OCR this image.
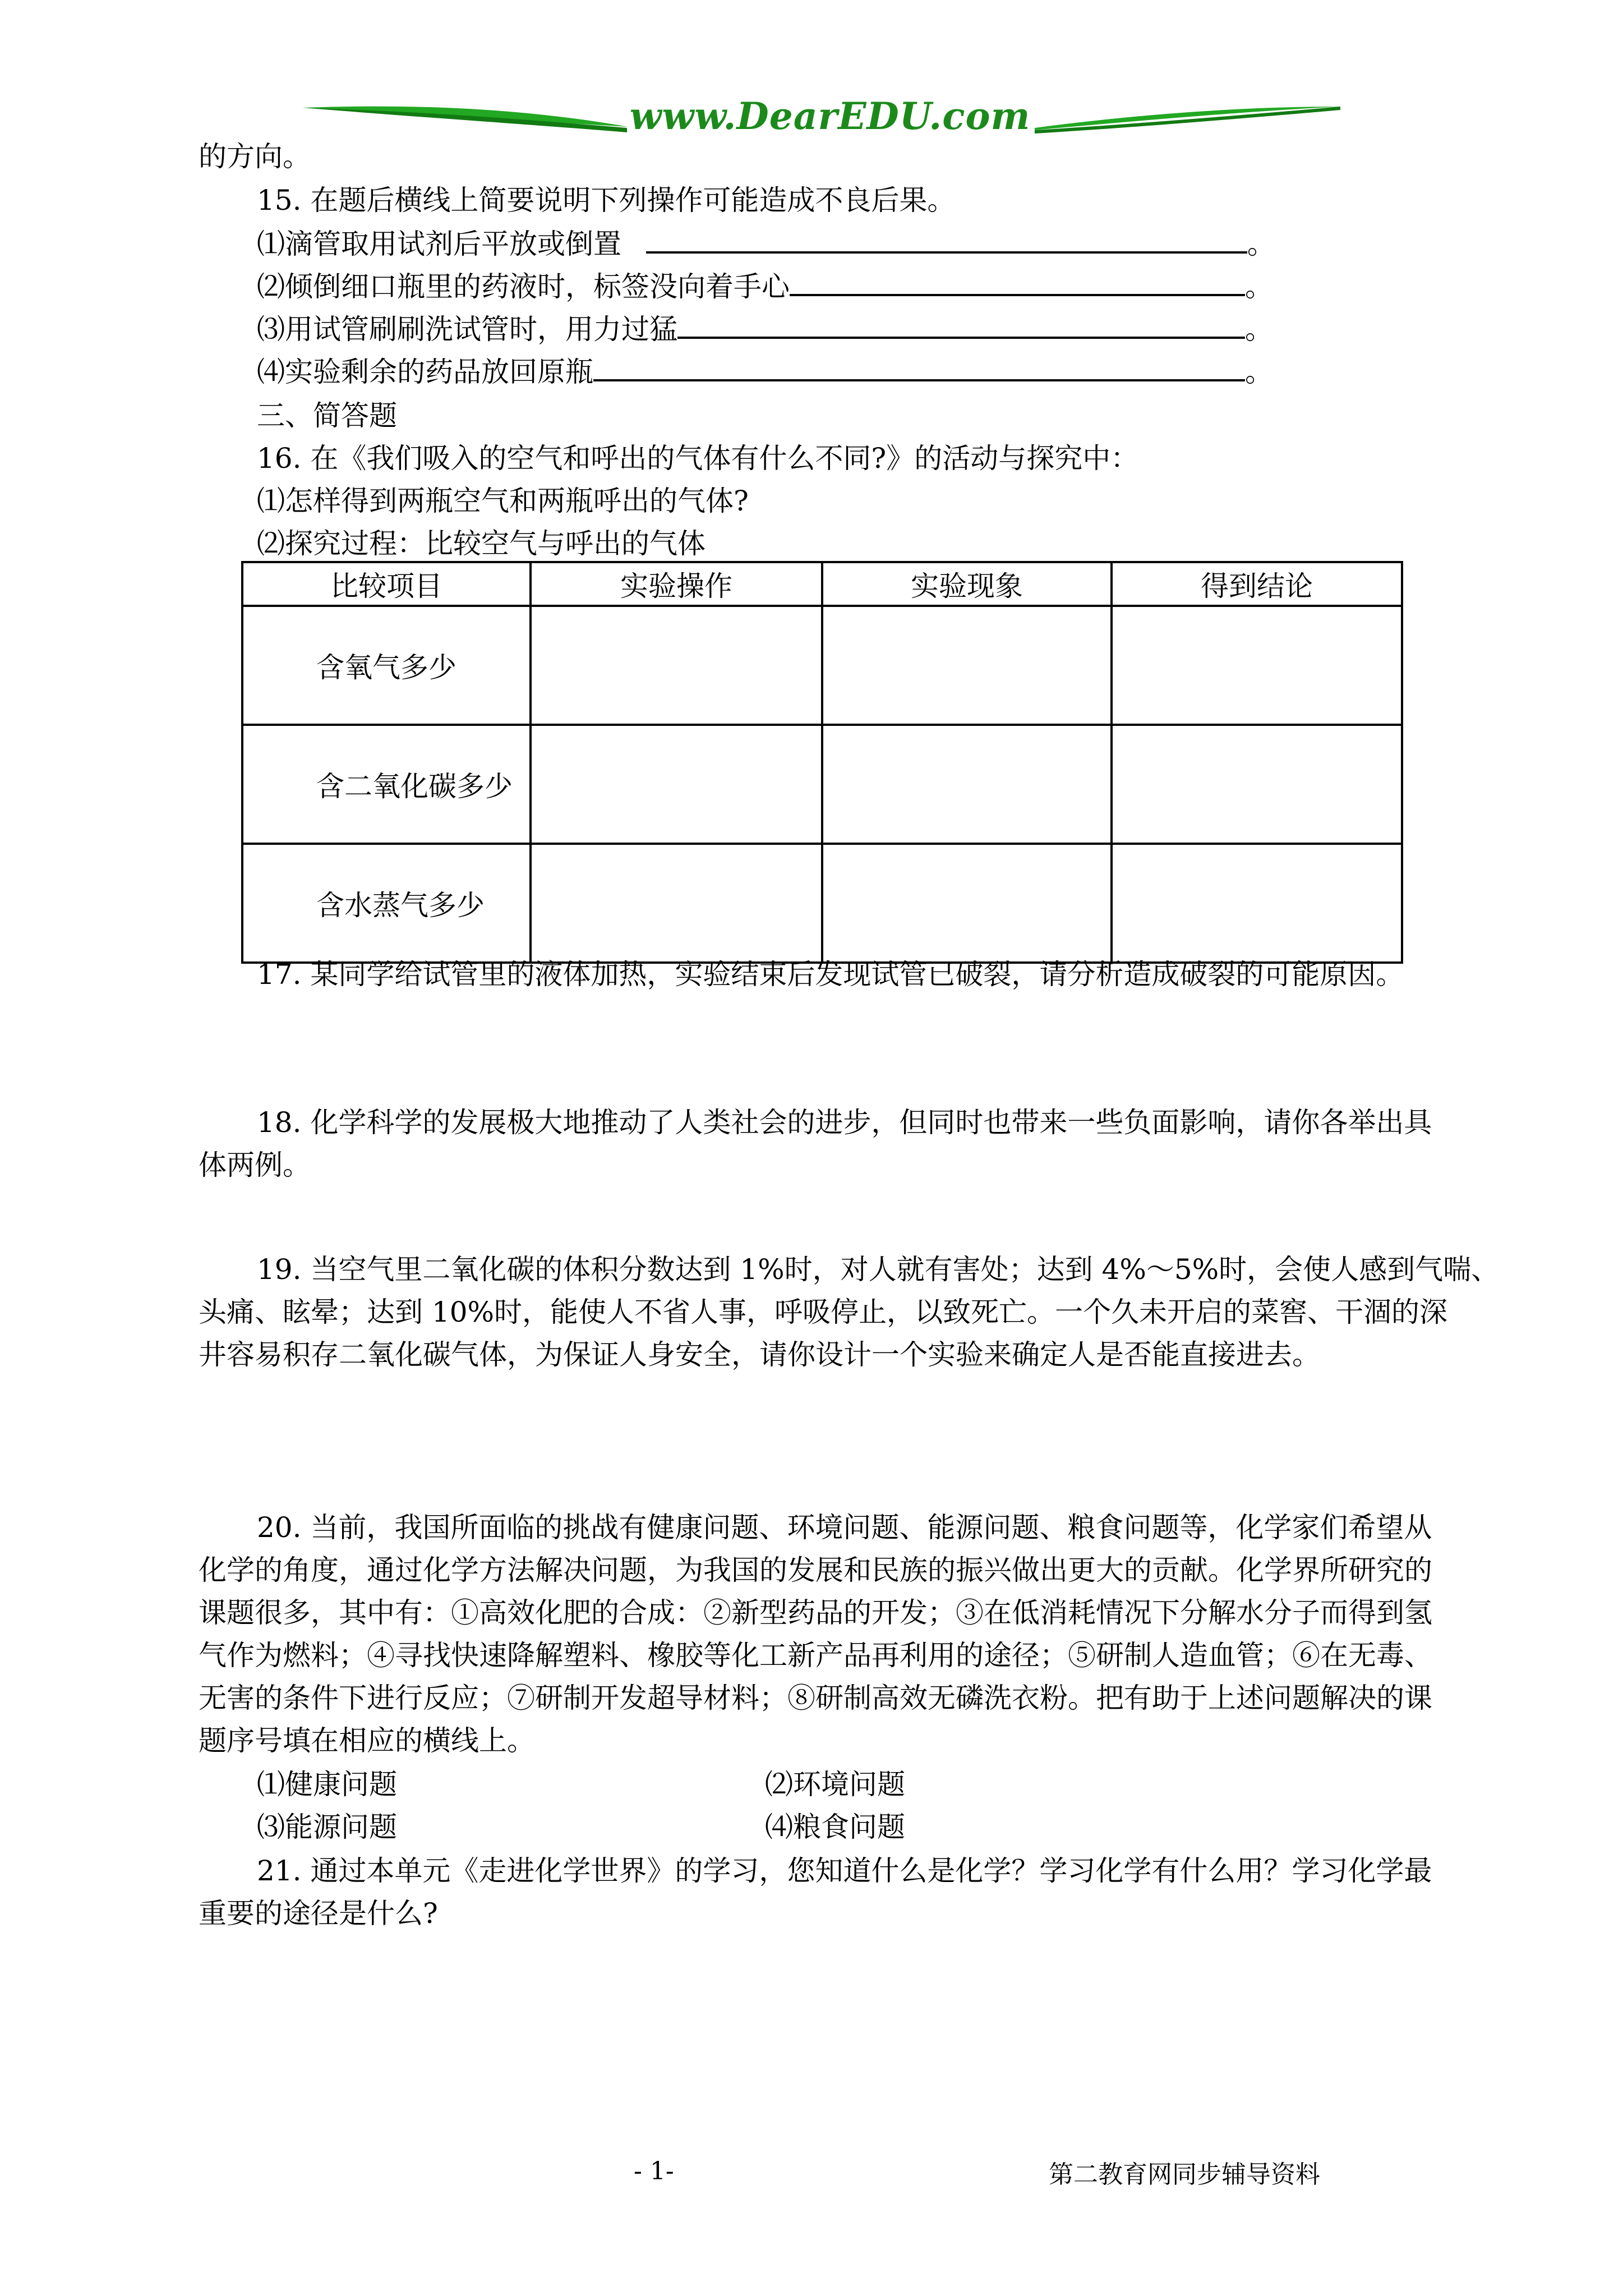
www.DearEDU.com
的方向。
15. 在题后横线上简要说明下列操作可能造成不良后果。
⑴滴管取用试剂后平放或倒置	。
⑵倾倒细口瓶里的药液时，标签没向着手心	。
⑶用试管刷刷洗试管时，用力过猛	。
⑷实验剩余的药品放回原瓶	。
三、简答题
16. 在《我们吸入的空气和呼出的气体有什么不同?》的活动与探究中：
⑴怎样得到两瓶空气和两瓶呼出的气体?
⑵探究过程：比较空气与呼出的气体
比较项目	实验操作	实验现象	得到结论
含氧气多少			
含二氧化碳多少			
含水蒸气多少			
17. 某同学给试管里的液体加热，实验结束后发现试管已破裂，请分析造成破裂的可能原因。
18. 化学科学的发展极大地推动了人类社会的进步，但同时也带来一些负面影响，请你各举出具
体两例。
19. 当空气里二氧化碳的体积分数达到 1%时，对人就有害处；达到 4%～5%时，会使人感到气喘、
头痛、眩晕；达到 10%时，能使人不省人事，呼吸停止，以致死亡。一个久未开启的菜窖、干涸的深
井容易积存二氧化碳气体，为保证人身安全，请你设计一个实验来确定人是否能直接进去。
20. 当前，我国所面临的挑战有健康问题、环境问题、能源问题、粮食问题等，化学家们希望从
化学的角度，通过化学方法解决问题，为我国的发展和民族的振兴做出更大的贡献。化学界所研究的
课题很多，其中有：①高效化肥的合成：②新型药品的开发；③在低消耗情况下分解水分子而得到氢
气作为燃料；④寻找快速降解塑料、橡胶等化工新产品再利用的途径；⑤研制人造血管；⑥在无毒、
无害的条件下进行反应；⑦研制开发超导材料；⑧研制高效无磷洗衣粉。把有助于上述问题解决的课
题序号填在相应的横线上。
⑴健康问题	⑵环境问题
⑶能源问题	⑷粮食问题
21. 通过本单元《走进化学世界》的学习，您知道什么是化学？学习化学有什么用？学习化学最
重要的途径是什么?
- 1-	第二教育网同步辅导资料
